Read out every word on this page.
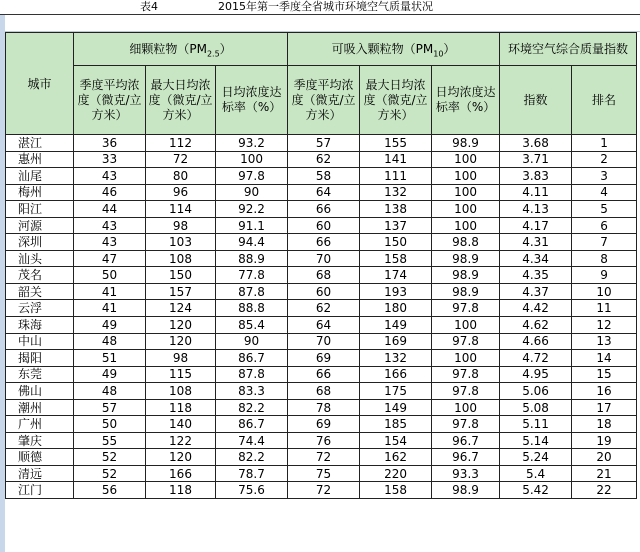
表4	2015年第一季度全省城市环境空气质量状况
城市	细颗粒物$(PM_{2.5})$			可吸入颗粒物$(PM_{10})$			环境空气综合质量指数	
	季度平均浓度（微克/立方米）	最大日均浓度（微克/立方米）	日均浓度达标率（%）	季度平均浓度（微克/立方米）	最大日均浓度（微克/立方米）	日均浓度达标率（%）	指数	排名
湛江	36	112	93.2	57	155	98.9	3.68	1
惠州	33	72	100	62	141	100	3.71	2
汕尾	43	80	97.8	58	111	100	3.83	3
梅州	46	96	90	64	132	100	4.11	4
阳江	44	114	92.2	66	138	100	4.13	5
河源	43	98	91.1	60	137	100	4.17	6
深圳	43	103	94.4	66	150	98.8	4.31	7
汕头	47	108	88.9	70	158	98.9	4.34	8
茂名	50	150	77.8	68	174	98.9	4.35	9
韶关	41	157	87.8	60	193	98.9	4.37	10
云浮	41	124	88.8	62	180	97.8	4.42	11
珠海	49	120	85.4	64	149	100	4.62	12
中山	48	120	90	70	169	97.8	4.66	13
揭阳	51	98	86.7	69	132	100	4.72	14
东莞	49	115	87.8	66	166	97.8	4.95	15
佛山	48	108	83.3	68	175	97.8	5.06	16
潮州	57	118	82.2	78	149	100	5.08	17
广州	50	140	86.7	69	185	97.8	5.11	18
肇庆	55	122	74.4	76	154	96.7	5.14	19
顺德	52	120	82.2	72	162	96.7	5.24	20
清远	52	166	78.7	75	220	93.3	5.4	21
江门	56	118	75.6	72	158	98.9	5.42	22
